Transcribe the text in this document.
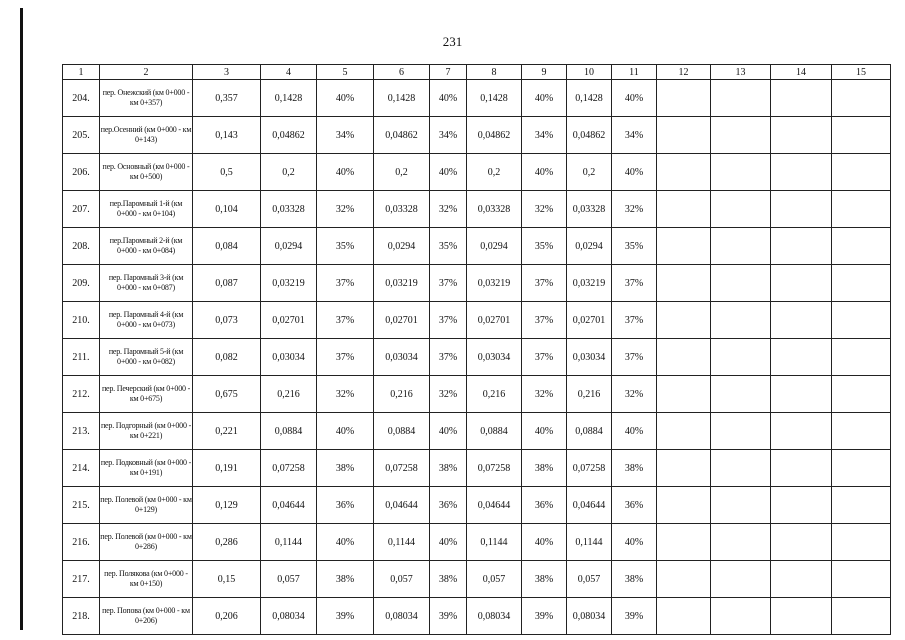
231
1	2	3	4	5	6	7	8	9	10	11	12	13	14	15
204.	пер. Онежский (км 0+000 - км 0+357)	0,357	0,1428	40%	0,1428	40%	0,1428	40%	0,1428	40%				
205.	пер.Осенний (км 0+000 - км 0+143)	0,143	0,04862	34%	0,04862	34%	0,04862	34%	0,04862	34%				
206.	пер. Основный (км 0+000 - км 0+500)	0,5	0,2	40%	0,2	40%	0,2	40%	0,2	40%				
207.	пер.Паромный 1-й (км 0+000 - км 0+104)	0,104	0,03328	32%	0,03328	32%	0,03328	32%	0,03328	32%				
208.	пер.Паромный 2-й (км 0+000 - км 0+084)	0,084	0,0294	35%	0,0294	35%	0,0294	35%	0,0294	35%				
209.	пер. Паромный 3-й (км 0+000 - км 0+087)	0,087	0,03219	37%	0,03219	37%	0,03219	37%	0,03219	37%				
210.	пер. Паромный 4-й (км 0+000 - км 0+073)	0,073	0,02701	37%	0,02701	37%	0,02701	37%	0,02701	37%				
211.	пер. Паромный 5-й (км 0+000 - км 0+082)	0,082	0,03034	37%	0,03034	37%	0,03034	37%	0,03034	37%				
212.	пер. Печерский (км 0+000 - км 0+675)	0,675	0,216	32%	0,216	32%	0,216	32%	0,216	32%				
213.	пер. Подгорный (км 0+000 - км 0+221)	0,221	0,0884	40%	0,0884	40%	0,0884	40%	0,0884	40%				
214.	пер. Подковный (км 0+000 - км 0+191)	0,191	0,07258	38%	0,07258	38%	0,07258	38%	0,07258	38%				
215.	пер. Полевой (км 0+000 - км 0+129)	0,129	0,04644	36%	0,04644	36%	0,04644	36%	0,04644	36%				
216.	пер. Полевой (км 0+000 - км 0+286)	0,286	0,1144	40%	0,1144	40%	0,1144	40%	0,1144	40%				
217.	пер. Полякова (км 0+000 - км 0+150)	0,15	0,057	38%	0,057	38%	0,057	38%	0,057	38%				
218.	пер. Попова (км 0+000 - км 0+206)	0,206	0,08034	39%	0,08034	39%	0,08034	39%	0,08034	39%				
